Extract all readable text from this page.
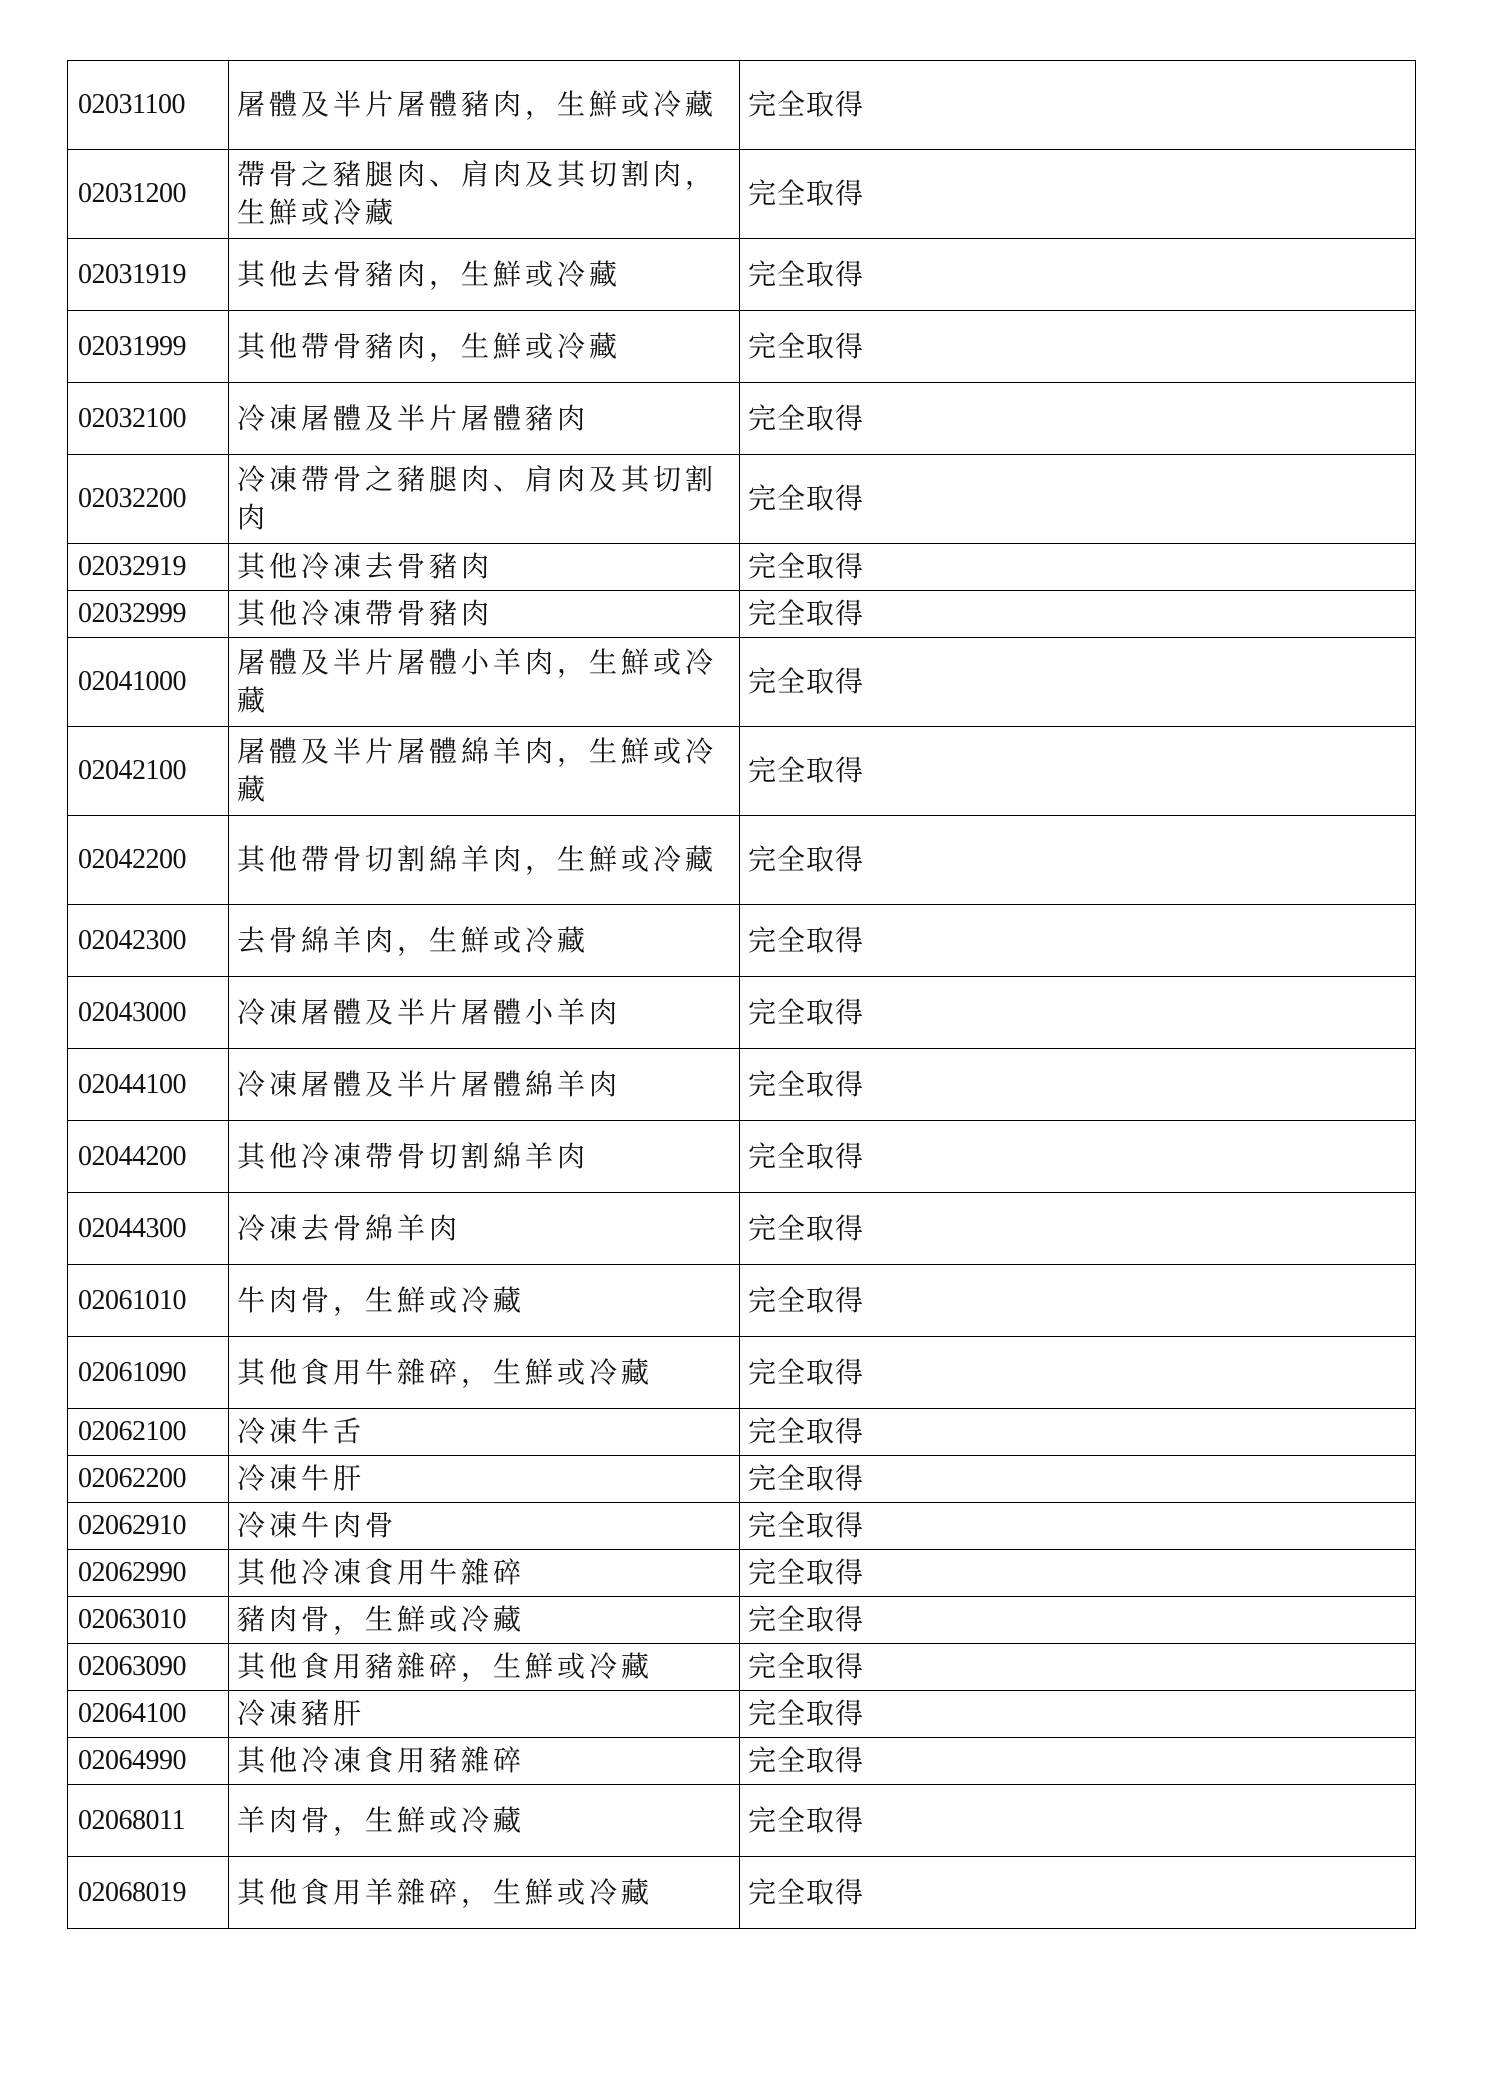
02031100	屠體及半片屠體豬肉，生鮮或冷藏	完全取得
02031200	帶骨之豬腿肉、肩肉及其切割肉，生鮮或冷藏	完全取得
02031919	其他去骨豬肉，生鮮或冷藏	完全取得
02031999	其他帶骨豬肉，生鮮或冷藏	完全取得
02032100	冷凍屠體及半片屠體豬肉	完全取得
02032200	冷凍帶骨之豬腿肉、肩肉及其切割肉	完全取得
02032919	其他冷凍去骨豬肉	完全取得
02032999	其他冷凍帶骨豬肉	完全取得
02041000	屠體及半片屠體小羊肉，生鮮或冷藏	完全取得
02042100	屠體及半片屠體綿羊肉，生鮮或冷藏	完全取得
02042200	其他帶骨切割綿羊肉，生鮮或冷藏	完全取得
02042300	去骨綿羊肉，生鮮或冷藏	完全取得
02043000	冷凍屠體及半片屠體小羊肉	完全取得
02044100	冷凍屠體及半片屠體綿羊肉	完全取得
02044200	其他冷凍帶骨切割綿羊肉	完全取得
02044300	冷凍去骨綿羊肉	完全取得
02061010	牛肉骨，生鮮或冷藏	完全取得
02061090	其他食用牛雜碎，生鮮或冷藏	完全取得
02062100	冷凍牛舌	完全取得
02062200	冷凍牛肝	完全取得
02062910	冷凍牛肉骨	完全取得
02062990	其他冷凍食用牛雜碎	完全取得
02063010	豬肉骨，生鮮或冷藏	完全取得
02063090	其他食用豬雜碎，生鮮或冷藏	完全取得
02064100	冷凍豬肝	完全取得
02064990	其他冷凍食用豬雜碎	完全取得
02068011	羊肉骨，生鮮或冷藏	完全取得
02068019	其他食用羊雜碎，生鮮或冷藏	完全取得
